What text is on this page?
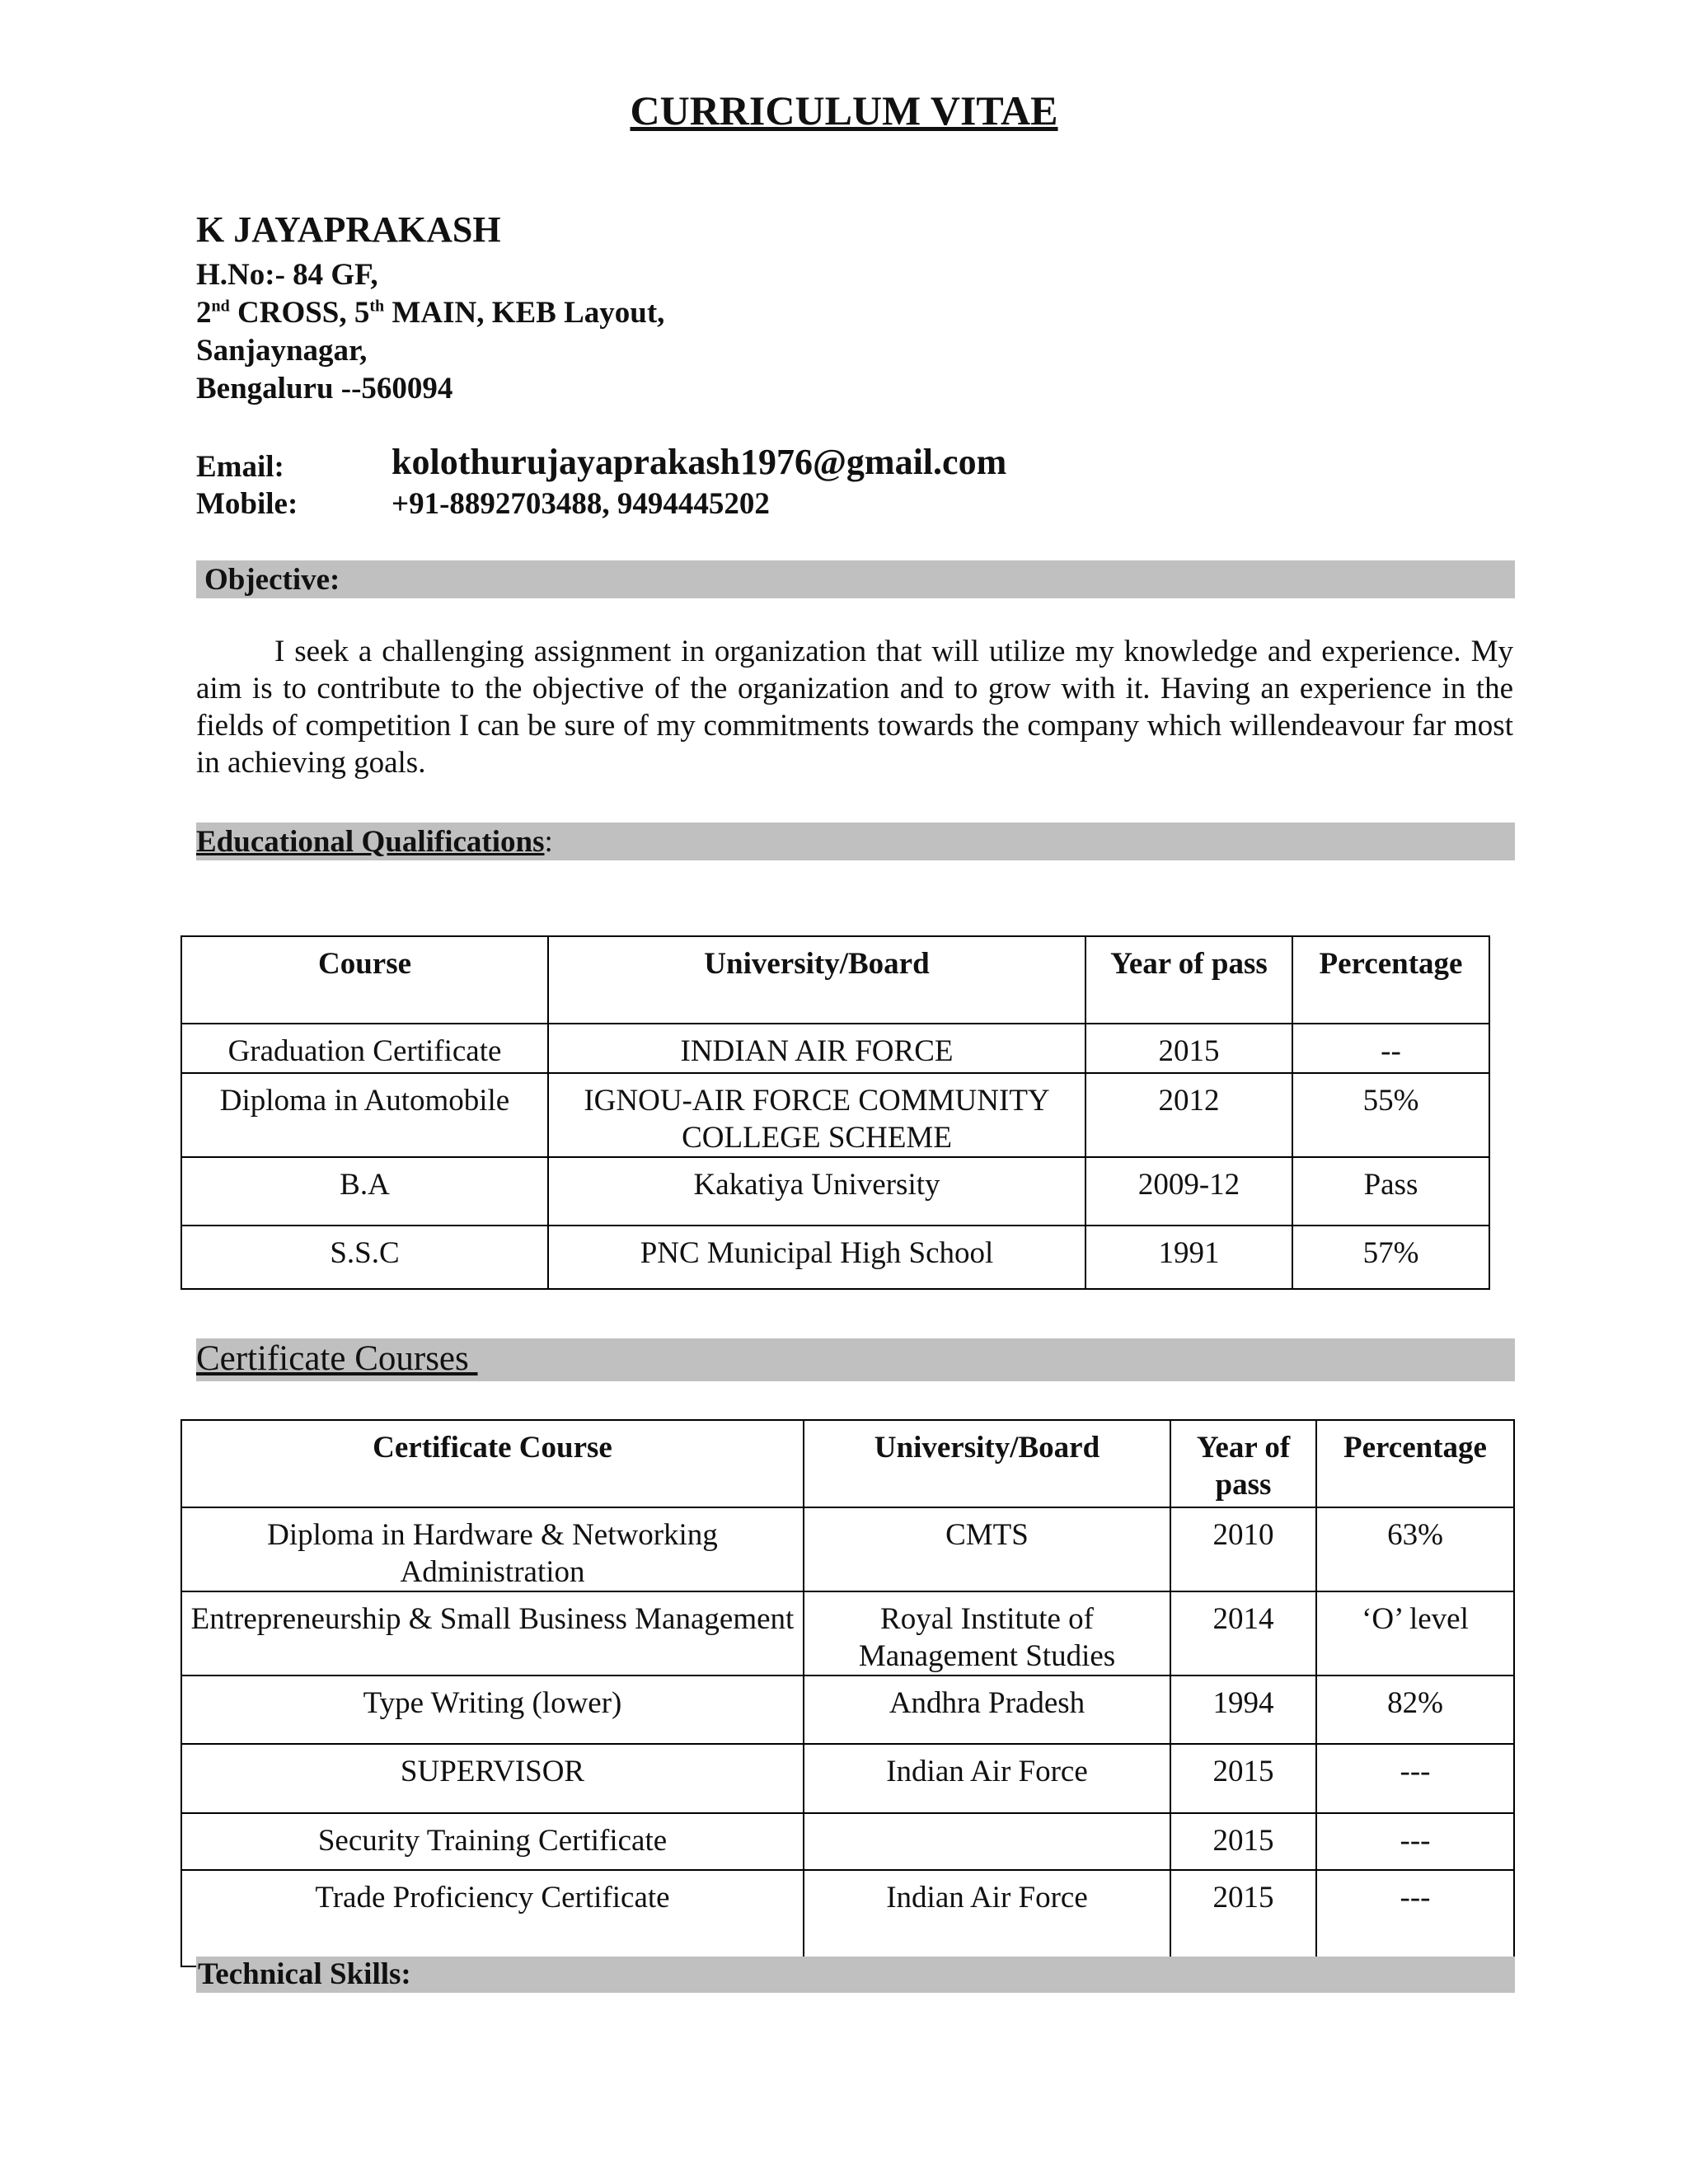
CURRICULUM VITAE
K JAYAPRAKASH
H.No:- 84 GF,
2nd CROSS, 5th MAIN, KEB Layout,
Sanjaynagar,
Bengaluru --560094
Email:	kolothurujayaprakash1976@gmail.com
Mobile:	+91-8892703488, 9494445202
Objective:
I seek a challenging assignment in organization that will utilize my knowledge and experience. My aim is to contribute to the objective of the organization and to grow with it. Having an experience in the fields of competition I can be sure of my commitments towards the company which willendeavour far most in achieving goals.
Educational Qualifications:
Course	University/Board	Year of pass	Percentage
Graduation Certificate	INDIAN AIR FORCE	2015	--
Diploma in Automobile	IGNOU-AIR FORCE COMMUNITY COLLEGE SCHEME	2012	55%
B.A	Kakatiya University	2009-12	Pass
S.S.C	PNC Municipal High School	1991	57%
Certificate Courses
Certificate Course	University/Board	Year of pass	Percentage
Diploma in Hardware & Networking Administration	CMTS	2010	63%
Entrepreneurship & Small Business Management	Royal Institute of Management Studies	2014	‘O’ level
Type Writing (lower)	Andhra Pradesh	1994	82%
SUPERVISOR	Indian Air Force	2015	---
Security Training Certificate		2015	---
Trade Proficiency Certificate	Indian Air Force	2015	---
Technical Skills:
